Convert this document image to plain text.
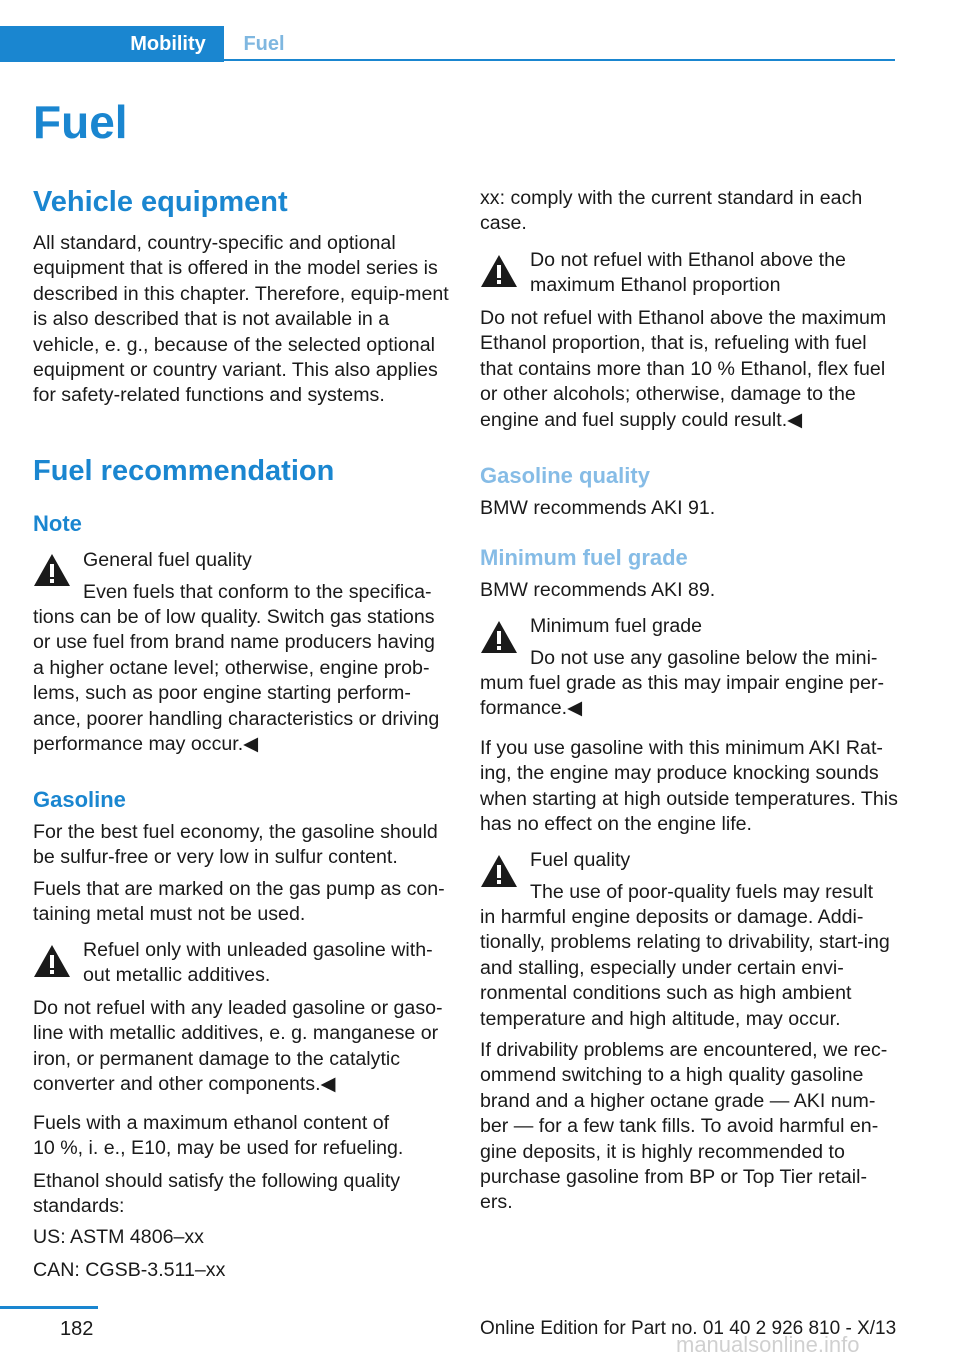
Mobility	Fuel
Fuel
Vehicle equipment
All standard, country-specific and optional equipment that is offered in the model series is described in this chapter. Therefore, equip-ment is also described that is not available in a vehicle, e. g., because of the selected optional equipment or country variant. This also applies for safety-related functions and systems.
Fuel recommendation
Note
General fuel quality
Even fuels that conform to the specifica-
tions can be of low quality. Switch gas stations or use fuel from brand name producers having a higher octane level; otherwise, engine prob-lems, such as poor engine starting perform-ance, poorer handling characteristics or driving performance may occur.◀
Gasoline
For the best fuel economy, the gasoline should be sulfur-free or very low in sulfur content.
Fuels that are marked on the gas pump as con-taining metal must not be used.
Refuel only with unleaded gasoline with-out metallic additives.
Do not refuel with any leaded gasoline or gaso-line with metallic additives, e. g. manganese or iron, or permanent damage to the catalytic converter and other components.◀
Fuels with a maximum ethanol content of 10 %, i. e., E10, may be used for refueling.
Ethanol should satisfy the following quality standards:
US: ASTM 4806–xx
CAN: CGSB-3.511–xx
xx: comply with the current standard in each case.
Do not refuel with Ethanol above the maximum Ethanol proportion
Do not refuel with Ethanol above the maximum Ethanol proportion, that is, refueling with fuel that contains more than 10 % Ethanol, flex fuel or other alcohols; otherwise, damage to the engine and fuel supply could result.◀
Gasoline quality
BMW recommends AKI 91.
Minimum fuel grade
BMW recommends AKI 89.
Minimum fuel grade
Do not use any gasoline below the mini-
mum fuel grade as this may impair engine per-formance.◀
If you use gasoline with this minimum AKI Rat-ing, the engine may produce knocking sounds when starting at high outside temperatures. This has no effect on the engine life.
Fuel quality
The use of poor-quality fuels may result
in harmful engine deposits or damage. Addi-tionally, problems relating to drivability, start-ing and stalling, especially under certain envi-ronmental conditions such as high ambient temperature and high altitude, may occur.
If drivability problems are encountered, we rec-ommend switching to a high quality gasoline brand and a higher octane grade — AKI num-ber — for a few tank fills. To avoid harmful en-gine deposits, it is highly recommended to purchase gasoline from BP or Top Tier retail-ers.
182	Online Edition for Part no. 01 40 2 926 810 - X/13
manualsonline.info
